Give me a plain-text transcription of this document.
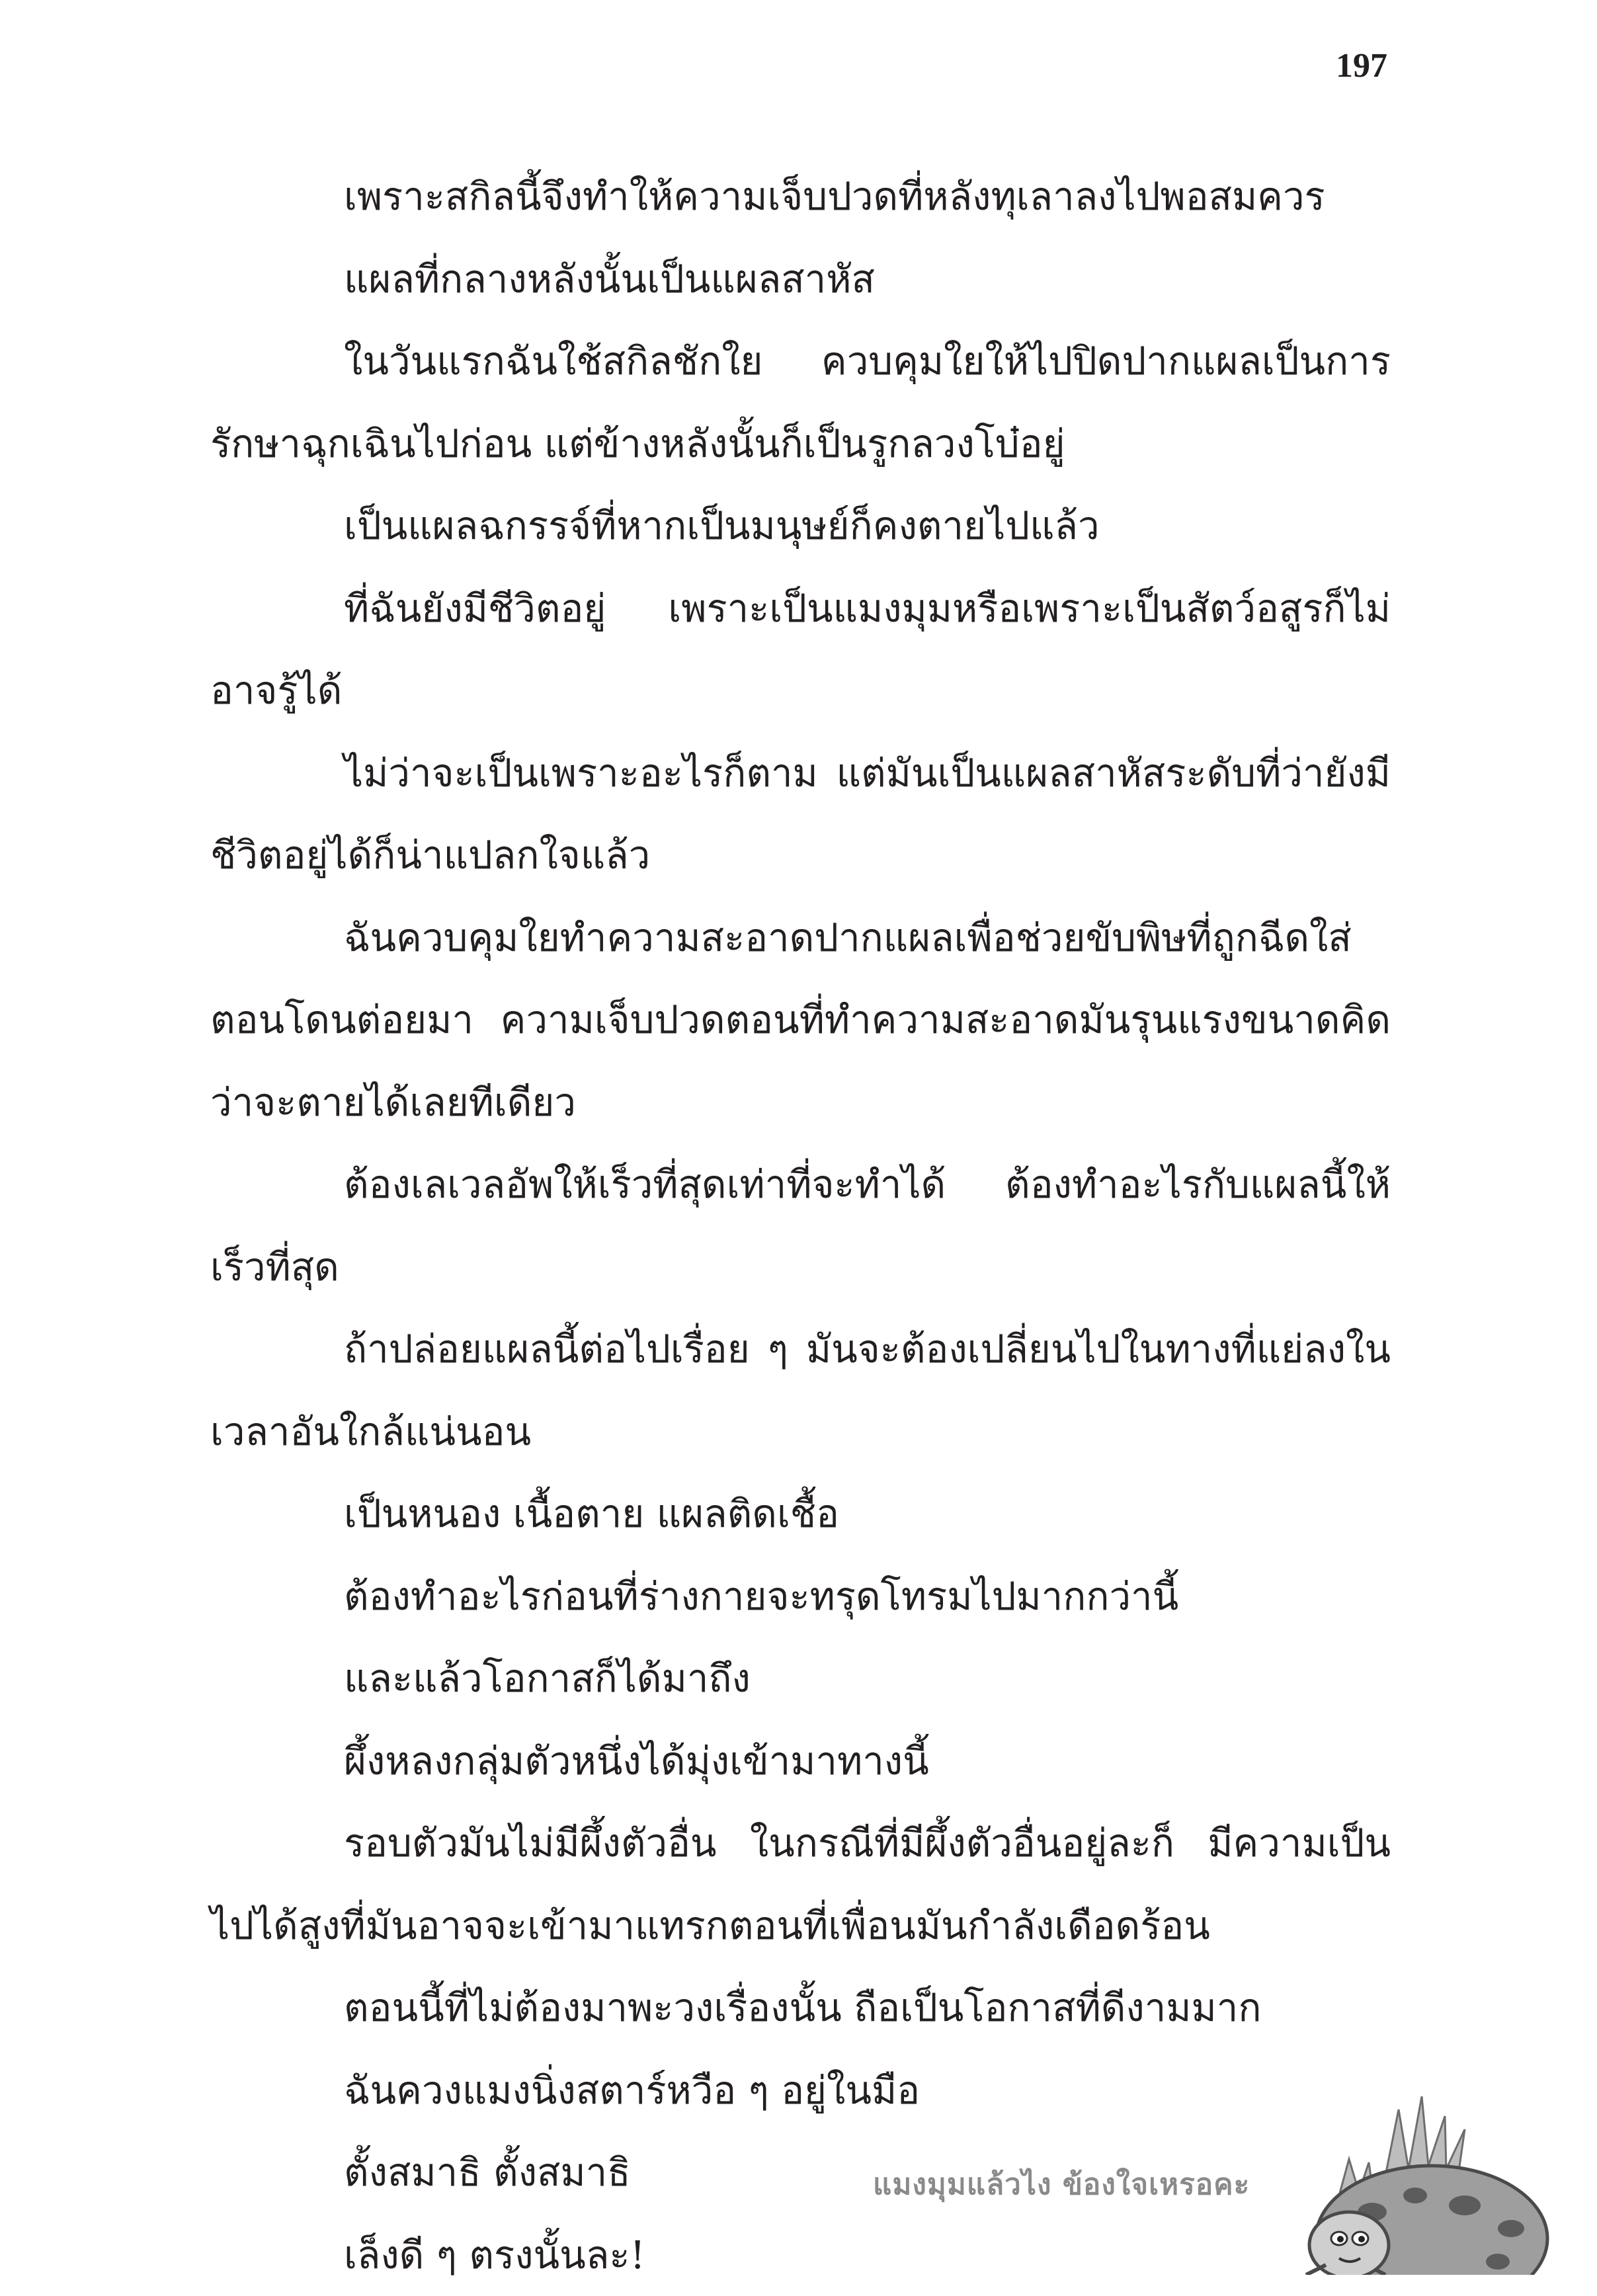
197

เพราะสกิลนี้จึงทำให้ความเจ็บปวดที่หลังทุเลาลงไปพอสมควร

แผลที่กลางหลังนั้นเป็นแผลสาหัส

ในวันแรกฉันใช้สกิลชักใย ควบคุมใยให้ไปปิดปากแผลเป็นการรักษาฉุกเฉินไปก่อน แต่ข้างหลังนั้นก็เป็นรูกลวงโบ๋อยู่

เป็นแผลฉกรรจ์ที่หากเป็นมนุษย์ก็คงตายไปแล้ว

ที่ฉันยังมีชีวิตอยู่ เพราะเป็นแมงมุมหรือเพราะเป็นสัตว์อสูรก็ไม่อาจรู้ได้

ไม่ว่าจะเป็นเพราะอะไรก็ตาม แต่มันเป็นแผลสาหัสระดับที่ว่ายังมีชีวิตอยู่ได้ก็น่าแปลกใจแล้ว

ฉันควบคุมใยทำความสะอาดปากแผลเพื่อช่วยขับพิษที่ถูกฉีดใส่ตอนโดนต่อยมา ความเจ็บปวดตอนที่ทำความสะอาดมันรุนแรงขนาดคิดว่าจะตายได้เลยทีเดียว

ต้องเลเวลอัพให้เร็วที่สุดเท่าที่จะทำได้ ต้องทำอะไรกับแผลนี้ให้เร็วที่สุด

ถ้าปล่อยแผลนี้ต่อไปเรื่อย ๆ มันจะต้องเปลี่ยนไปในทางที่แย่ลงในเวลาอันใกล้แน่นอน

เป็นหนอง เนื้อตาย แผลติดเชื้อ

ต้องทำอะไรก่อนที่ร่างกายจะทรุดโทรมไปมากกว่านี้

และแล้วโอกาสก็ได้มาถึง

ผึ้งหลงกลุ่มตัวหนึ่งได้มุ่งเข้ามาทางนี้

รอบตัวมันไม่มีผึ้งตัวอื่น ในกรณีที่มีผึ้งตัวอื่นอยู่ละก็ มีความเป็นไปได้สูงที่มันอาจจะเข้ามาแทรกตอนที่เพื่อนมันกำลังเดือดร้อน

ตอนนี้ที่ไม่ต้องมาพะวงเรื่องนั้น ถือเป็นโอกาสที่ดีงามมาก

ฉันควงแมงนิ่งสตาร์หวือ ๆ อยู่ในมือ

ตั้งสมาธิ ตั้งสมาธิ

เล็งดี ๆ ตรงนั้นละ!

แมงมุมแล้วไง ข้องใจเหรอคะ
